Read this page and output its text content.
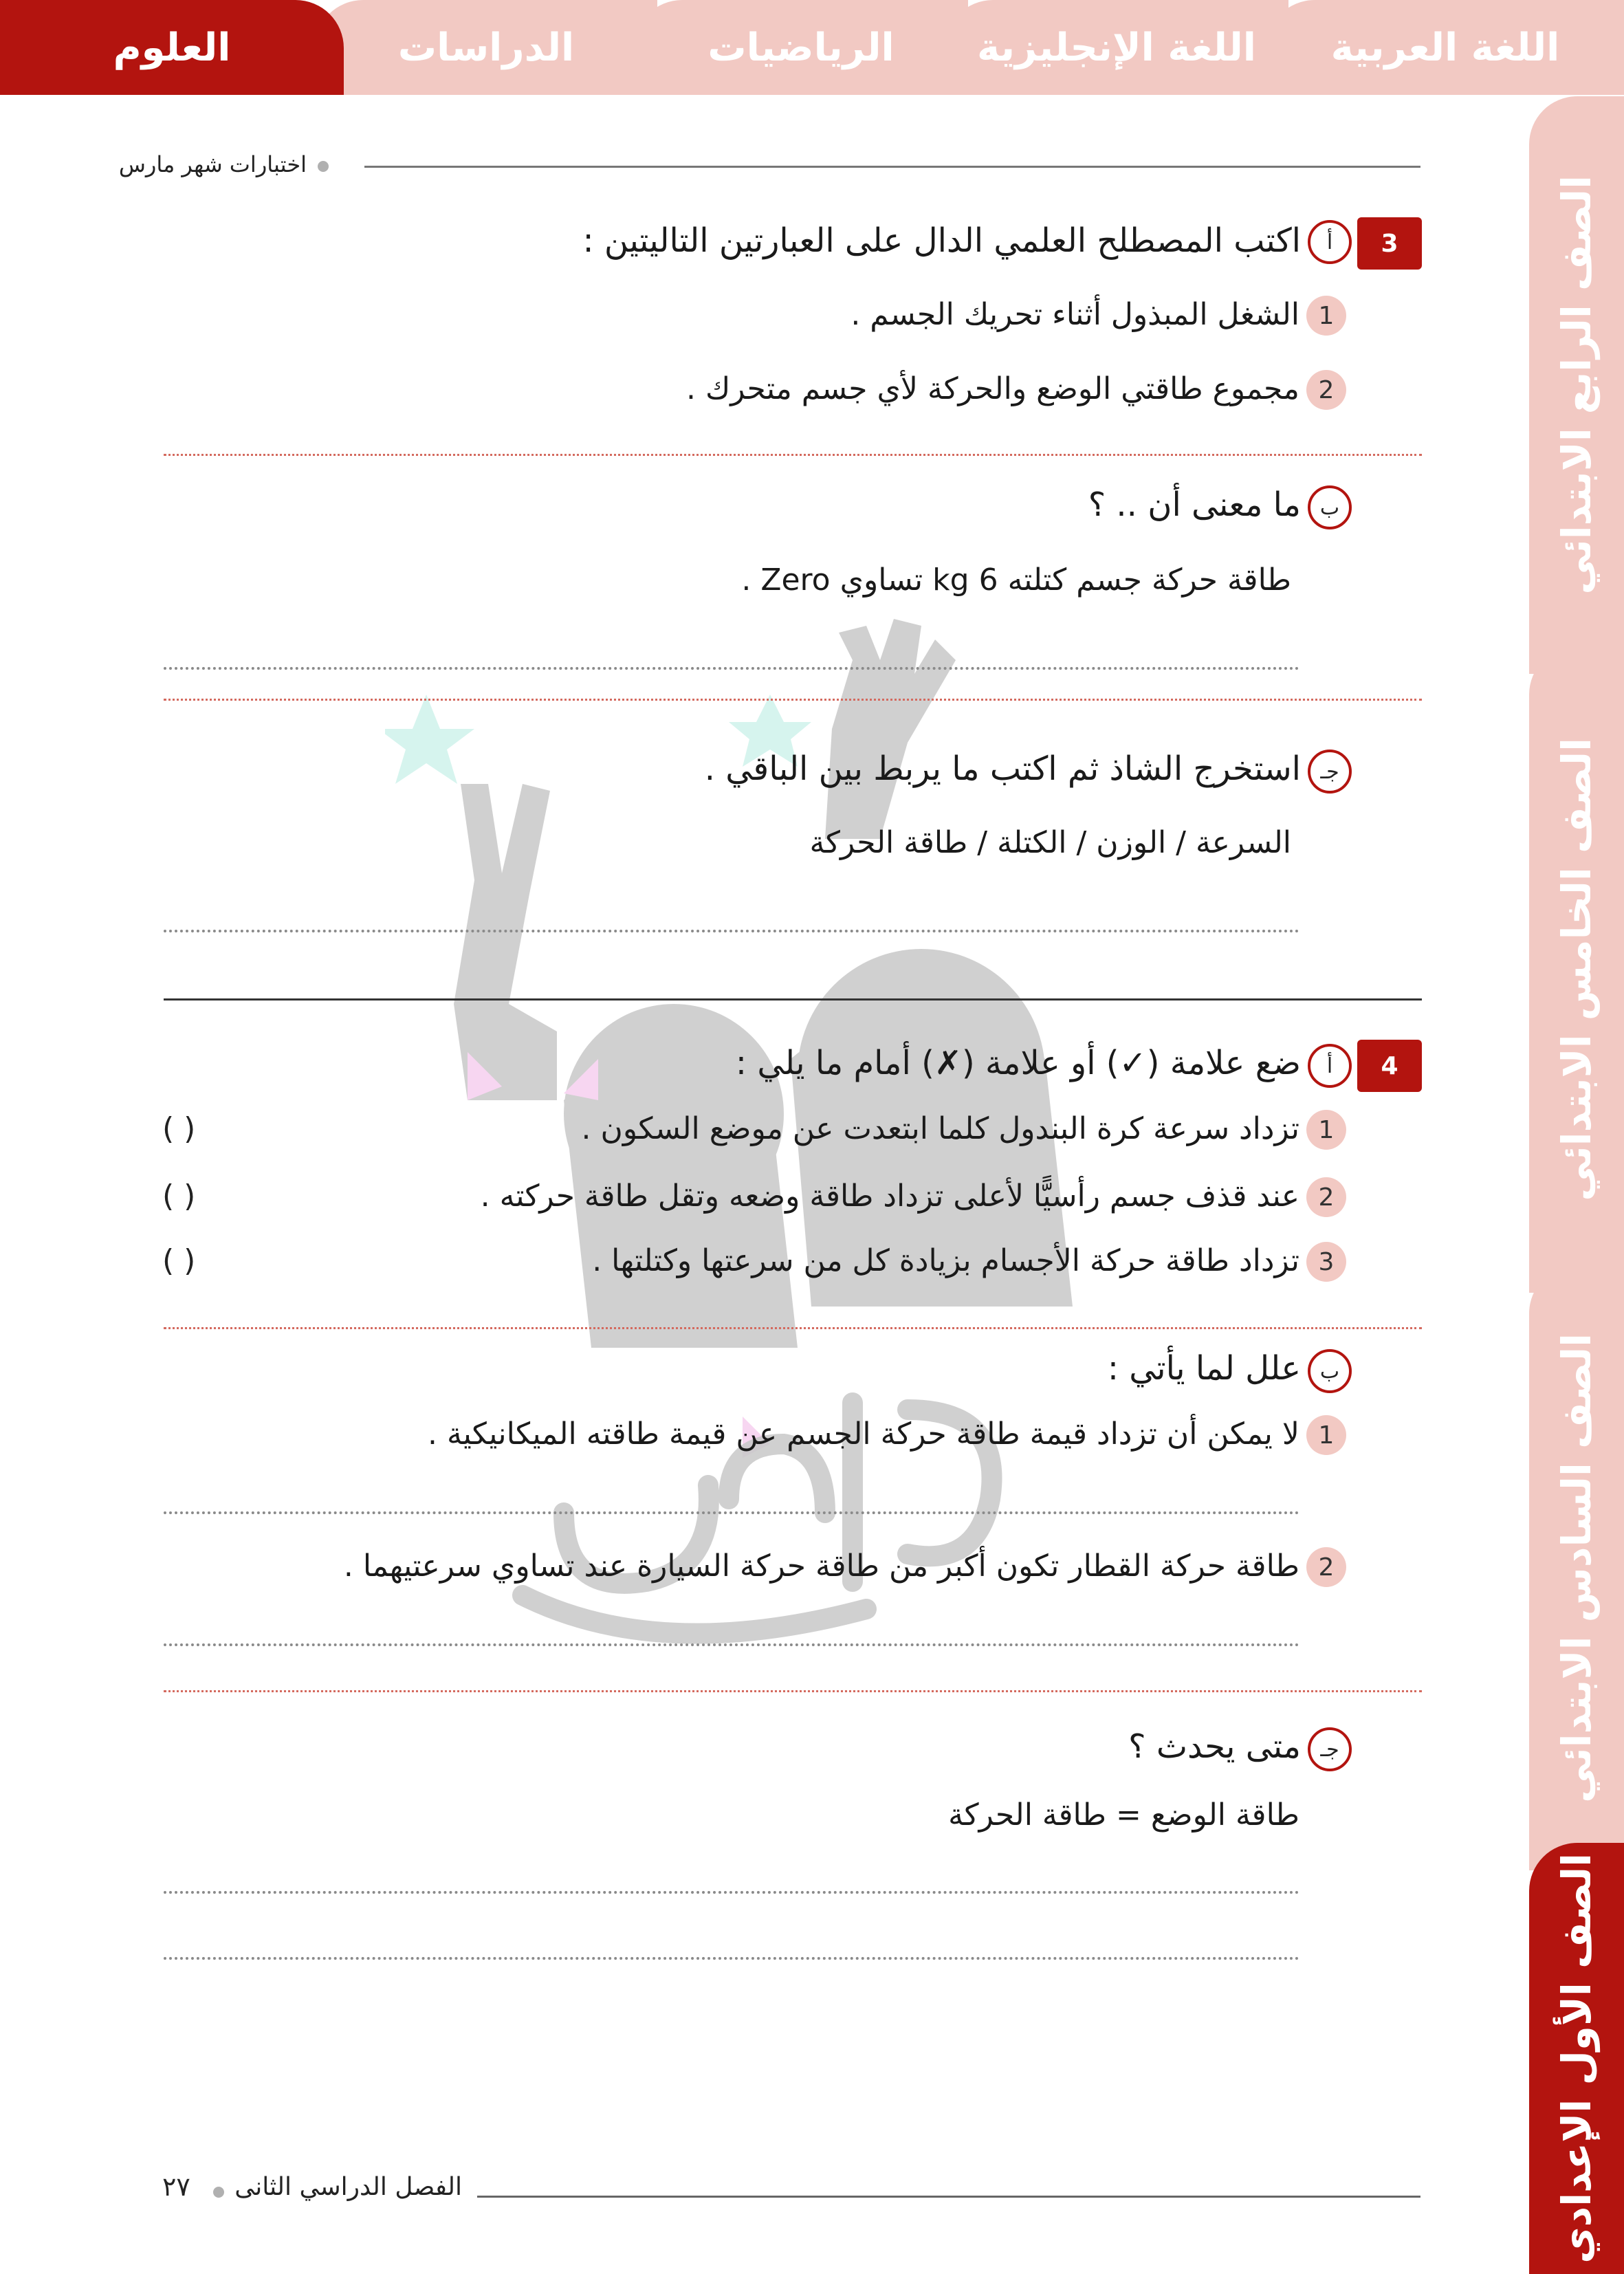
اللغة العربية
اللغة الإنجليزية
الرياضيات
الدراسات
العلوم
الصف الرابع الابتدائي
الصف الخامس الابتدائي
الصف السادس الابتدائي
الصف الأول الإعدادي
اختبارات شهر مارس
3
أ
اكتب المصطلح العلمي الدال على العبارتين التاليتين :
1
الشغل المبذول أثناء تحريك الجسم .
2
مجموع طاقتي الوضع والحركة لأي جسم متحرك .
ب
ما معنى أن .. ؟
طاقة حركة جسم كتلته 6 kg تساوي Zero .
جـ
استخرج الشاذ ثم اكتب ما يربط بين الباقي .
السرعة / الوزن / الكتلة / طاقة الحركة
4
أ
ضع علامة (✓) أو علامة (✗) أمام ما يلي :
1
تزداد سرعة كرة البندول كلما ابتعدت عن موضع السكون .
( )
2
عند قذف جسم رأسيًّا لأعلى تزداد طاقة وضعه وتقل طاقة حركته .
( )
3
تزداد طاقة حركة الأجسام بزيادة كل من سرعتها وكتلتها .
( )
ب
علل لما يأتي :
1
لا يمكن أن تزداد قيمة طاقة حركة الجسم عن قيمة طاقته الميكانيكية .
2
طاقة حركة القطار تكون أكبر من طاقة حركة السيارة عند تساوي سرعتيهما .
جـ
متى يحدث ؟
طاقة الوضع = طاقة الحركة
الفصل الدراسي الثانى
٢٧
